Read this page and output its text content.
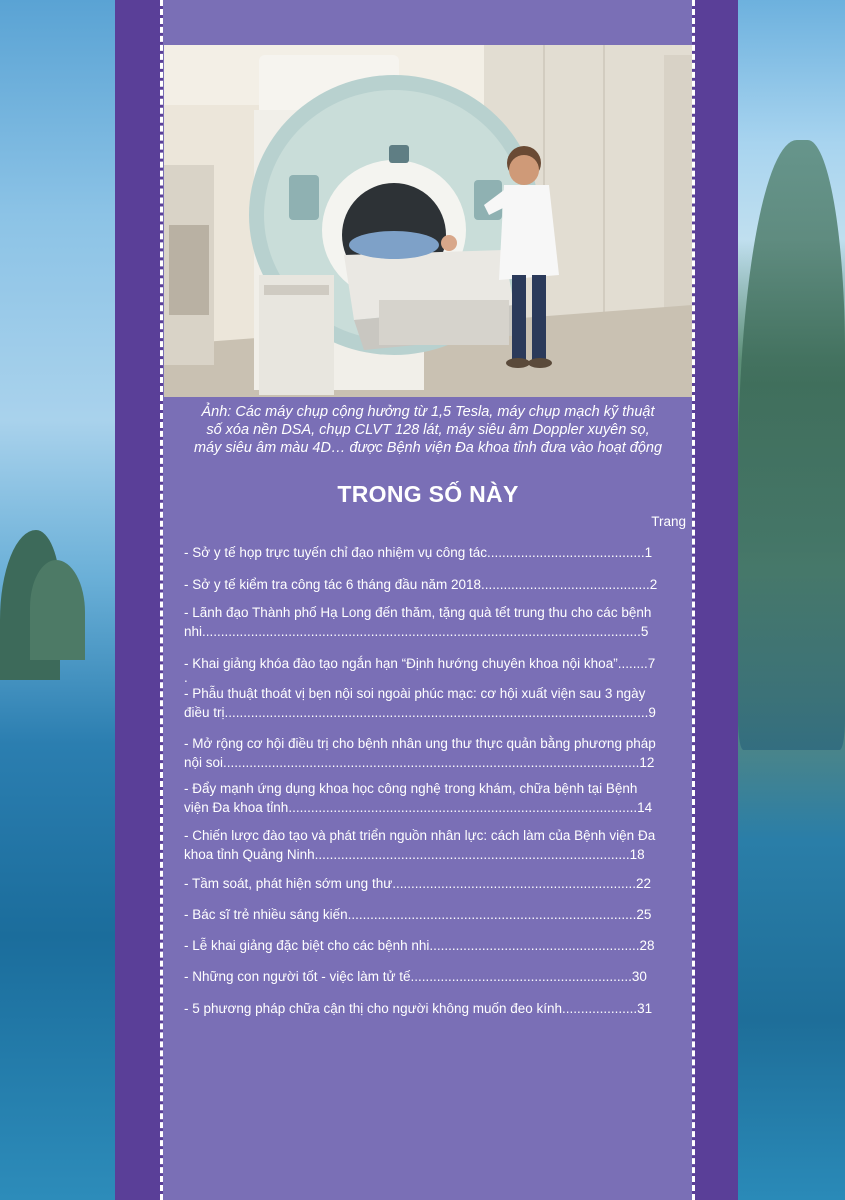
Ảnh: Các máy chụp cộng hưởng từ 1,5 Tesla, máy chụp mạch kỹ thuật
số xóa nền DSA, chụp CLVT 128 lát, máy siêu âm Doppler xuyên sọ,
máy siêu âm màu 4D… được Bệnh viện Đa khoa tỉnh đưa vào hoạt động
TRONG SỐ NÀY
Trang
- Sở y tế họp trực tuyến chỉ đạo nhiệm vụ công tác..........................................1
- Sở y tế kiểm tra công tác 6 tháng đầu năm 2018.............................................2
- Lãnh đạo Thành phố Hạ Long đến thăm, tặng quà tết trung thu cho các bệnh
nhi.....................................................................................................................5
- Khai giảng khóa đào tạo ngắn hạn “Định hướng chuyên khoa nội khoa”........7
.
- Phẫu thuật thoát vị bẹn nội soi ngoài phúc mạc: cơ hội xuất viện sau 3 ngày
điều trị.................................................................................................................9
- Mở rộng cơ hội điều trị cho bệnh nhân ung thư thực quản bằng phương pháp
nội soi...............................................................................................................12
- Đẩy mạnh ứng dụng khoa học công nghệ trong khám, chữa bệnh tại Bệnh
viện Đa khoa tỉnh.............................................................................................14
- Chiến lược đào tạo và phát triển nguồn nhân lực: cách làm của Bệnh viện Đa
khoa tỉnh Quảng Ninh....................................................................................18
- Tầm soát, phát hiện sớm ung thư.................................................................22
- Bác sĩ trẻ nhiều sáng kiến.............................................................................25
- Lễ khai giảng đặc biệt cho các bệnh nhi........................................................28
- Những con người tốt - việc làm tử tế...........................................................30
- 5 phương pháp chữa cận thị cho người không muốn đeo kính....................31
